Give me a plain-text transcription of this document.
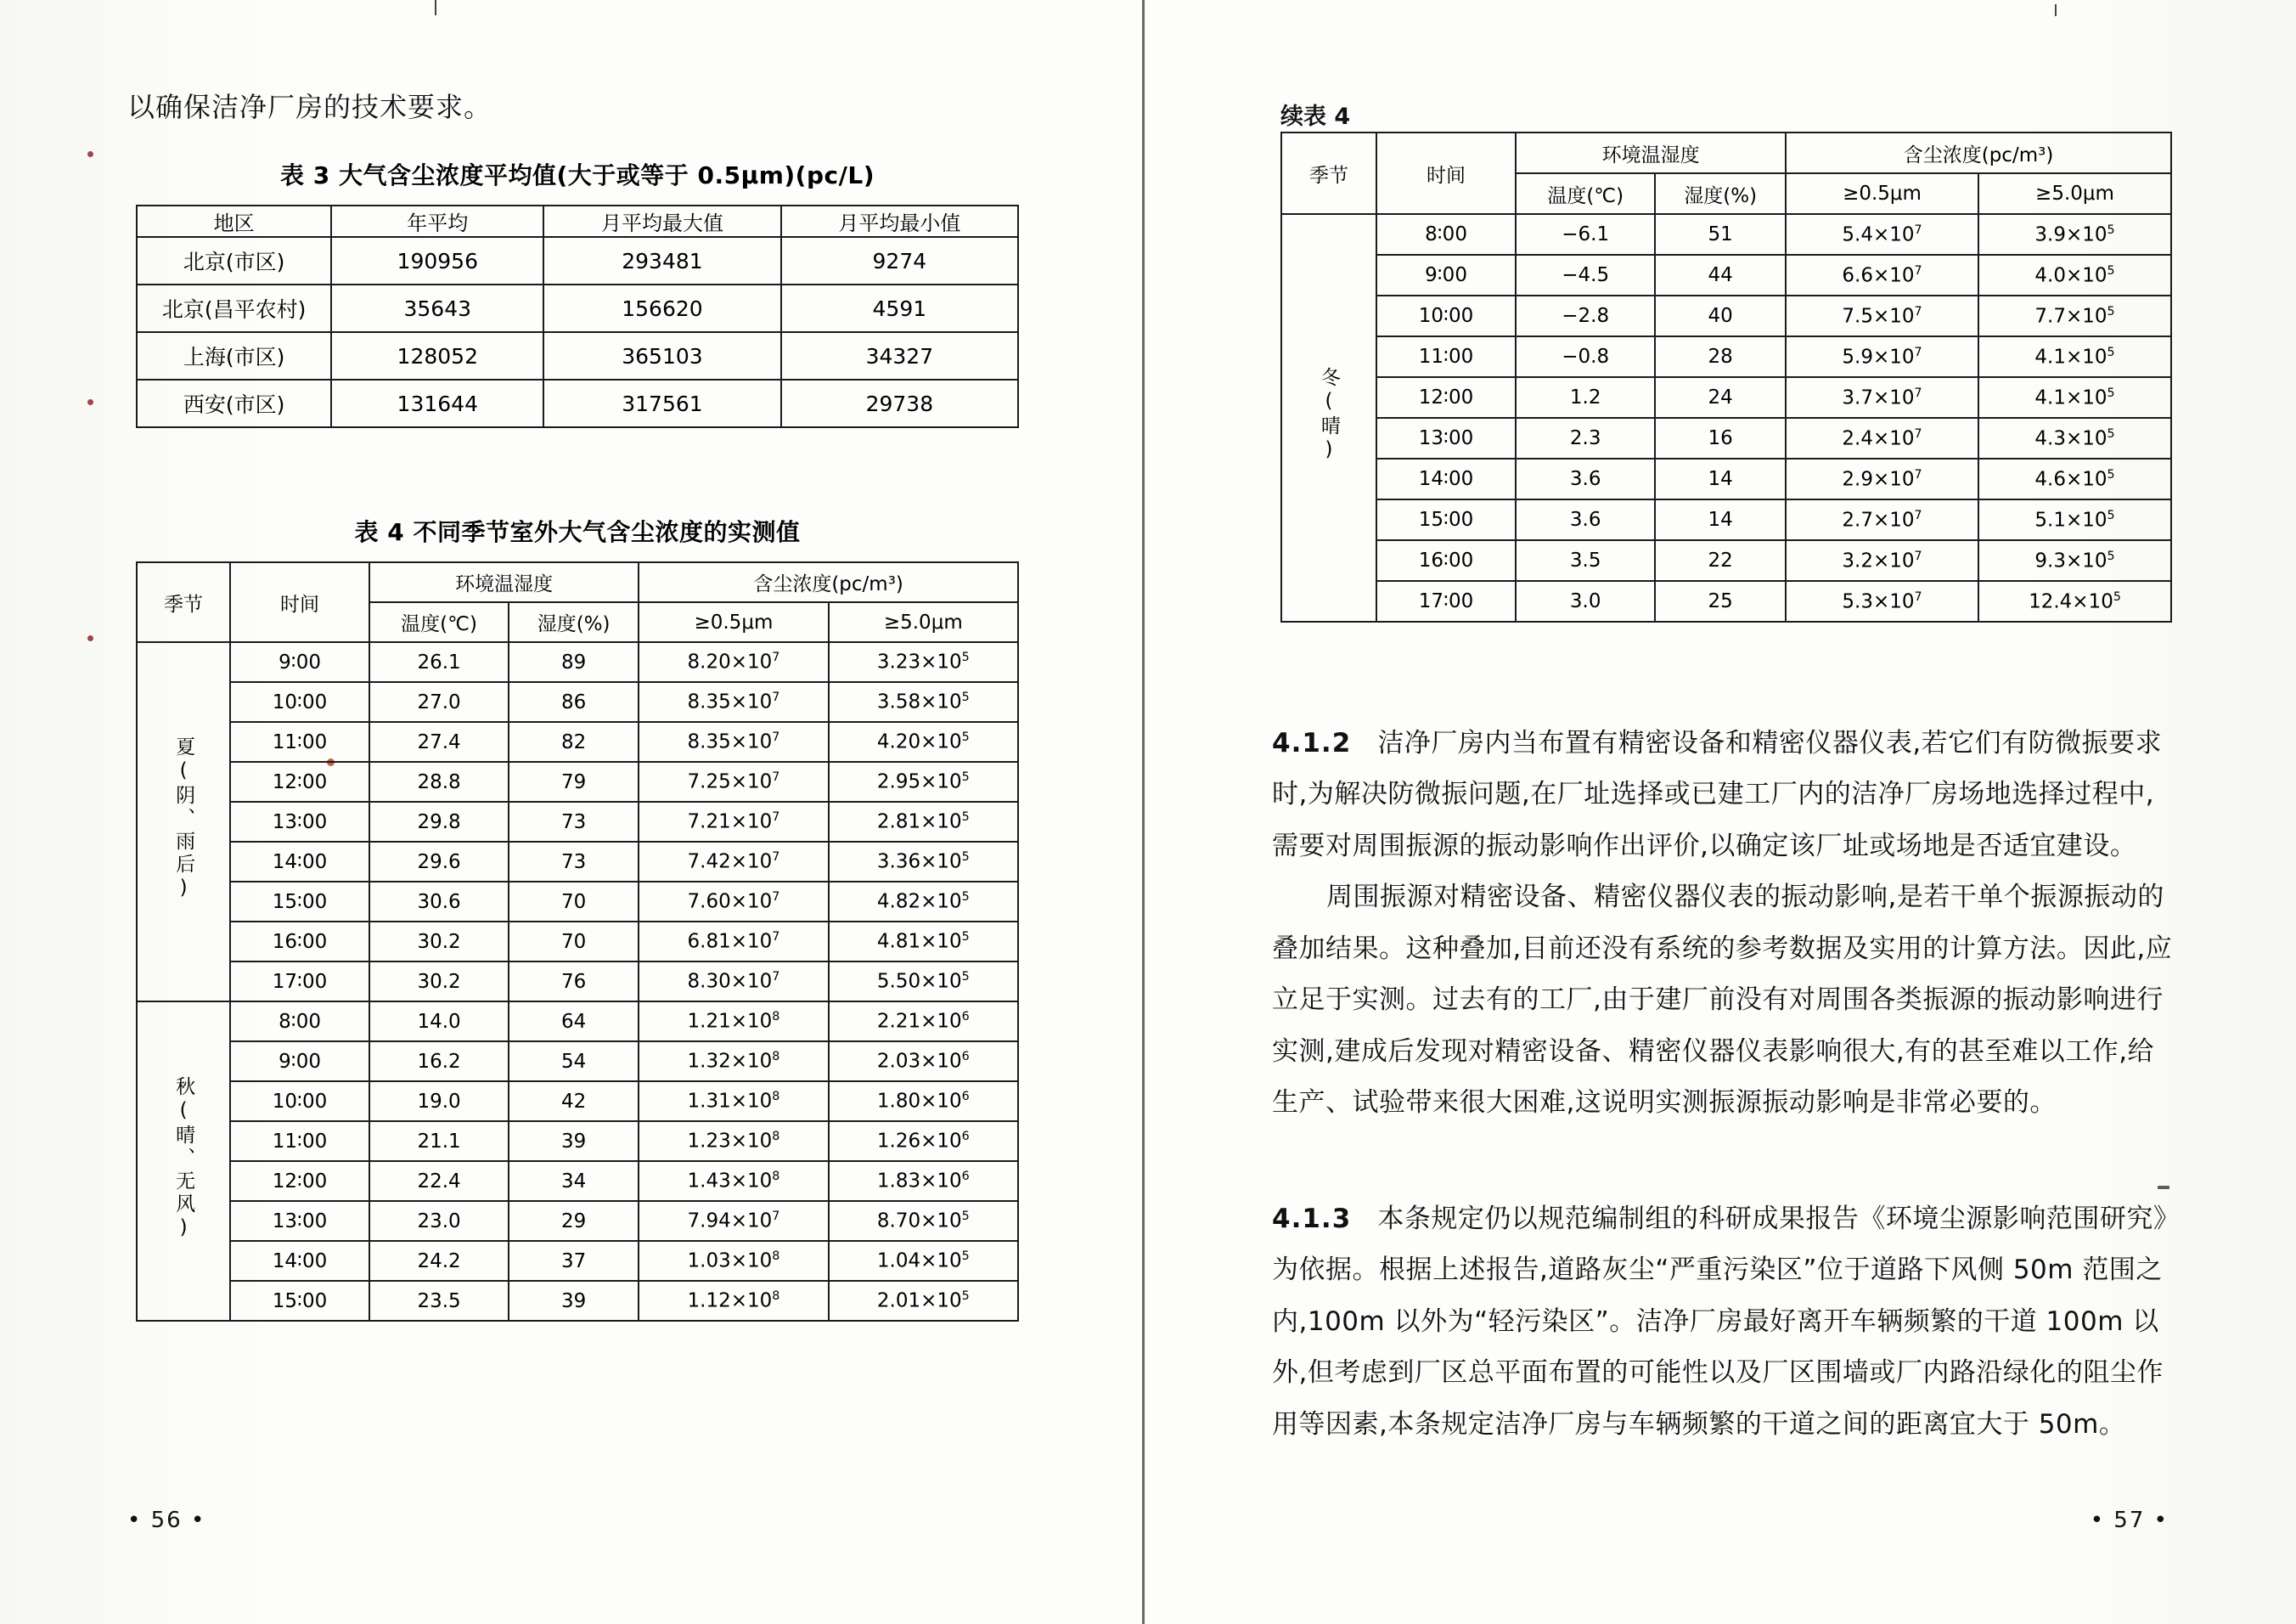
以确保洁净厂房的技术要求。
表 3 大气含尘浓度平均值(大于或等于 0.5μm)(pc/L)
地区	年平均	月平均最大值	月平均最小值
北京(市区)	190956	293481	9274
北京(昌平农村)	35643	156620	4591
上海(市区)	128052	365103	34327
西安(市区)	131644	317561	29738
表 4 不同季节室外大气含尘浓度的实测值
季节	时间	环境温湿度		含尘浓度(pc/m³)	
		温度(℃)	湿度(%)	≥0.5μm	≥5.0μm
夏(阴、雨后)	9∶00	26.1	89	$8.20\times 10^7$	$3.23\times 10^5$
	10∶00	27.0	86	$8.35\times 10^7$	$3.58\times 10^5$
	11∶00	27.4	82	$8.35\times 10^7$	$4.20\times 10^5$
	12∶00	28.8	79	$7.25\times 10^7$	$2.95\times 10^5$
	13∶00	29.8	73	$7.21\times 10^7$	$2.81\times 10^5$
	14∶00	29.6	73	$7.42\times 10^7$	$3.36\times 10^5$
	15∶00	30.6	70	$7.60\times 10^7$	$4.82\times 10^5$
	16∶00	30.2	70	$6.81\times 10^7$	$4.81\times 10^5$
	17∶00	30.2	76	$8.30\times 10^7$	$5.50\times 10^5$
秋(晴、无风)	8∶00	14.0	64	$1.21\times 10^8$	$2.21\times 10^6$
	9∶00	16.2	54	$1.32\times 10^8$	$2.03\times 10^6$
	10∶00	19.0	42	$1.31\times 10^8$	$1.80\times 10^6$
	11∶00	21.1	39	$1.23\times 10^8$	$1.26\times 10^6$
	12∶00	22.4	34	$1.43\times 10^8$	$1.83\times 10^6$
	13∶00	23.0	29	$7.94\times 10^7$	$8.70\times 10^5$
	14∶00	24.2	37	$1.03\times 10^8$	$1.04\times 10^5$
	15∶00	23.5	39	$1.12\times 10^8$	$2.01\times 10^5$
• 56 •
续表 4
季节	时间	环境温湿度		含尘浓度(pc/m³)	
		温度(℃)	湿度(%)	≥0.5μm	≥5.0μm
冬(晴)	8∶00	−6.1	51	$5.4\times 10^7$	$3.9\times 10^5$
	9∶00	−4.5	44	$6.6\times 10^7$	$4.0\times 10^5$
	10∶00	−2.8	40	$7.5\times 10^7$	$7.7\times 10^5$
	11∶00	−0.8	28	$5.9\times 10^7$	$4.1\times 10^5$
	12∶00	1.2	24	$3.7\times 10^7$	$4.1\times 10^5$
	13∶00	2.3	16	$2.4\times 10^7$	$4.3\times 10^5$
	14∶00	3.6	14	$2.9\times 10^7$	$4.6\times 10^5$
	15∶00	3.6	14	$2.7\times 10^7$	$5.1\times 10^5$
	16∶00	3.5	22	$3.2\times 10^7$	$9.3\times 10^5$
	17∶00	3.0	25	$5.3\times 10^7$	$12.4\times 10^5$

4.1.2 洁净厂房内当布置有精密设备和精密仪器仪表,若它们有防微振要求时,为解决防微振问题,在厂址选择或已建工厂内的洁净厂房场地选择过程中,需要对周围振源的振动影响作出评价,以确定该厂址或场地是否适宜建设。

周围振源对精密设备、精密仪器仪表的振动影响,是若干单个振源振动的叠加结果。这种叠加,目前还没有系统的参考数据及实用的计算方法。因此,应立足于实测。过去有的工厂,由于建厂前没有对周围各类振源的振动影响进行实测,建成后发现对精密设备、精密仪器仪表影响很大,有的甚至难以工作,给生产、试验带来很大困难,这说明实测振源振动影响是非常必要的。

4.1.3 本条规定仍以规范编制组的科研成果报告《环境尘源影响范围研究》为依据。根据上述报告,道路灰尘“严重污染区”位于道路下风侧 50m 范围之内,100m 以外为“轻污染区”。洁净厂房最好离开车辆频繁的干道 100m 以外,但考虑到厂区总平面布置的可能性以及厂区围墙或厂内路沿绿化的阻尘作用等因素,本条规定洁净厂房与车辆频繁的干道之间的距离宜大于 50m。

• 57 •
